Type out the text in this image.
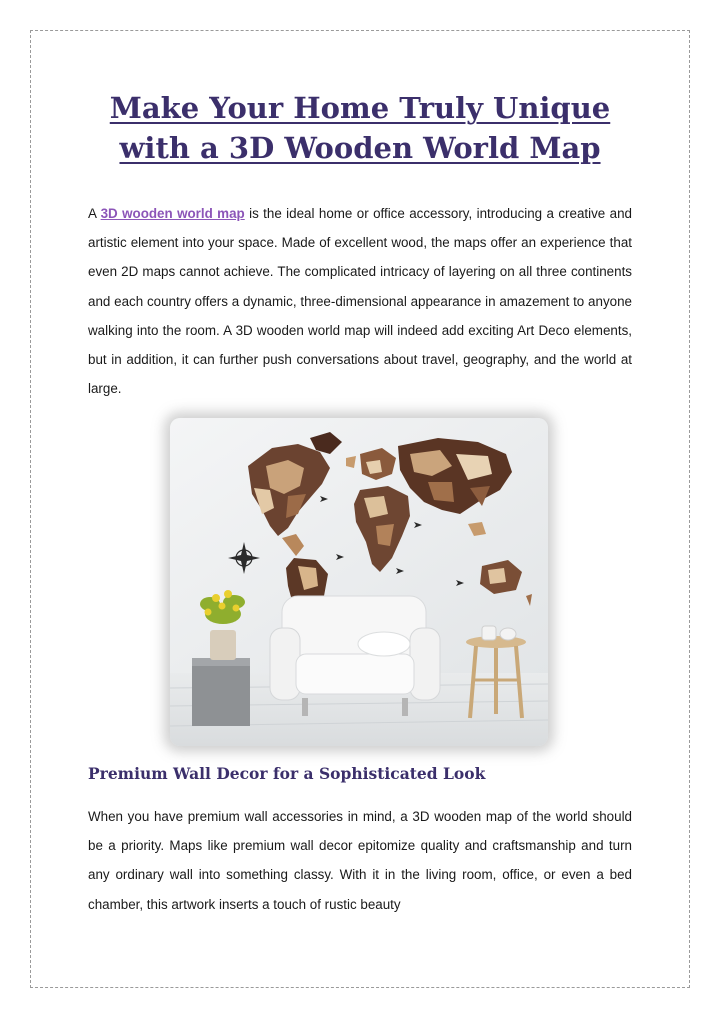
Make Your Home Truly Unique
with a 3D Wooden World Map

A 3D wooden world map is the ideal home or office accessory, introducing a creative and artistic element into your space. Made of excellent wood, the maps offer an experience that even 2D maps cannot achieve. The complicated intricacy of layering on all three continents and each country offers a dynamic, three-dimensional appearance in amazement to anyone walking into the room. A 3D wooden world map will indeed add exciting Art Deco elements, but in addition, it can further push conversations about travel, geography, and the world at large.

Premium Wall Decor for a Sophisticated Look

When you have premium wall accessories in mind, a 3D wooden map of the world should be a priority. Maps like premium wall decor epitomize quality and craftsmanship and turn any ordinary wall into something classy. With it in the living room, office, or even a bed chamber, this artwork inserts a touch of rustic beauty
